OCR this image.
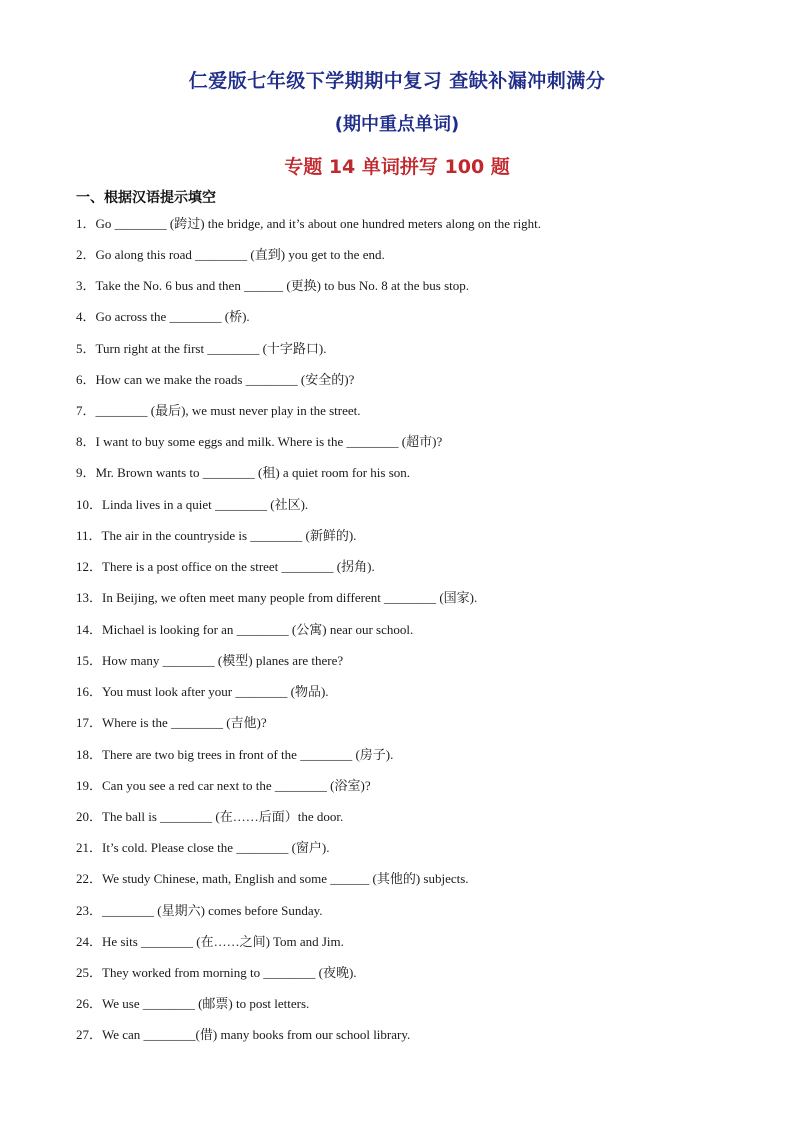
仁爱版七年级下学期期中复习 查缺补漏冲刺满分
(期中重点单词)
专题 14 单词拼写 100 题
一、根据汉语提示填空
1．Go ________ (跨过) the bridge, and it’s about one hundred meters along on the right.
2．Go along this road ________ (直到) you get to the end.
3．Take the No. 6 bus and then ______ (更换) to bus No. 8 at the bus stop.
4．Go across the ________ (桥).
5．Turn right at the first ________ (十字路口).
6．How can we make the roads ________ (安全的)?
7．________ (最后), we must never play in the street.
8．I want to buy some eggs and milk. Where is the ________ (超市)?
9．Mr. Brown wants to ________ (租) a quiet room for his son.
10．Linda lives in a quiet ________ (社区).
11．The air in the countryside is ________ (新鲜的).
12．There is a post office on the street ________ (拐角).
13．In Beijing, we often meet many people from different ________ (国家).
14．Michael is looking for an ________ (公寓) near our school.
15．How many ________ (模型) planes are there?
16．You must look after your ________ (物品).
17．Where is the ________ (吉他)?
18．There are two big trees in front of the ________ (房子).
19．Can you see a red car next to the ________ (浴室)?
20．The ball is ________ (在……后面）the door.
21．It’s cold. Please close the ________ (窗户).
22．We study Chinese, math, English and some ______ (其他的) subjects.
23．________ (星期六) comes before Sunday.
24．He sits ________ (在……之间) Tom and Jim.
25．They worked from morning to ________ (夜晚).
26．We use ________ (邮票) to post letters.
27．We can ________(借) many books from our school library.
